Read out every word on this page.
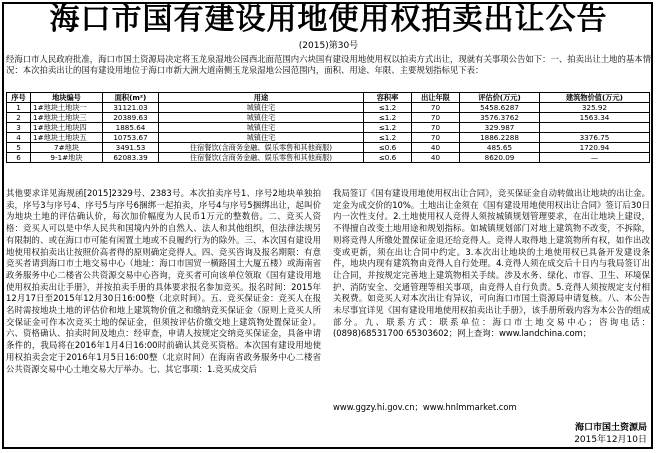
海口市国有建设用地使用权拍卖出让公告
(2015)第30号
经海口市人民政府批准，海口市国土资源局决定将玉龙泉湿地公园西北面范围内六块国有建设用地使用权以拍卖方式出让，现就有关事项公告如下：一、拍卖出让土地的基本情况：本次拍卖出让的国有建设用地位于海口市新大洲大道南侧玉龙泉湿地公园范围内，面积、用途、年限、主要规划指标见下表：
序号	地块编号	面积(m²)	用途	容积率	出让年限	评估价(万元)	建筑物价值(万元)
1	1#地块土地块一	31121.03	城镇住宅	≤1.2	70	5458.6287	325.92
2	1#地块土地块三	20389.63	城镇住宅	≤1.2	70	3576.3762	1563.34
3	1#地块土地块四	1885.64	城镇住宅	≤1.2	70	329.987	
4	1#地块土地块五	10753.67	城镇住宅	≤1.2	70	1886.2288	3376.75
5	7#地块	3491.53	住宿餐饮(含商务金融、娱乐零售和其他商服)	≤0.6	40	485.65	1720.94
6	9-1#地块	62083.39	住宿餐饮(含商务金融、娱乐零售和其他商服)	≤0.6	40	8620.09	—
其他要求详见海规函[2015]2329号、2383号。本次拍卖序号1、序号2地块单独拍卖，序号3与序号4、序号5与序号6捆绑一起拍卖，序号4与序号5捆绑出让，起叫价为地块土地的评估确认价，每次加价幅度为人民币1万元的整数倍。二、竞买人资格：竞买人可以是中华人民共和国境内外的自然人、法人和其他组织，但法律法规另有限制的、或在海口市可能有闲置土地或不良履约行为的除外。三、本次国有建设用地使用权拍卖出让按照价高者得的原则确定竞得人。四、竞买咨询及报名期限：有意竞买者请到海口市土地交易中心（地址：海口市国贸一横路国土大厦五楼）或海南省政务服务中心二楼省公共资源交易中心咨询，竞买者可向该单位领取《国有建设用地使用权拍卖出让手册》，并按拍卖手册的具体要求报名参加竞买。报名时间：2015年12月17日至2015年12月30日16:00整（北京时间）。五、竞买保证金：竞买人在报名时需按地块土地的评估价和地上建筑物价值之和缴纳竞买保证金（原则上竞买人所交保证金可作本次竞买土地的保证金，但须按评估价缴交地上建筑物处置保证金）。六、资格确认、拍卖时间及地点：经审查，申请人按规定交纳竞买保证金，具备申请条件的，我局将在2016年1月4日16:00时前确认其竞买资格。本次国有建设用地使用权拍卖会定于2016年1月5日16:00整（北京时间）在海南省政务服务中心二楼省公共资源交易中心土地交易大厅举办。七、其它事项：1.竞买成交后
我局签订《国有建设用地使用权出让合同》，竞买保证金自动转做出让地块的出让金。定金为成交价的10%。土地出让金须在《国有建设用地使用权出让合同》签订后30日内一次性支付。2.土地使用权人竞得人须按城镇规划管理要求，在出让地块上建设，不得擅自改变土地用途和规划指标。如城镇规划部门对地上建筑物不改变，不拆除，则将竞得人所缴处置保证金退还给竞得人。竞得人取得地上建筑物所有权，如作出改变或更新，须在出让合同中约定。3.本次出让地块的土地使用权已具备开发建设条件，地块内现有建筑物由竞得人自行处理。4.竞得人须在成交后十日内与我局签订出让合同，并按规定完善地上建筑物相关手续。涉及水务、绿化、市容、卫生、环境保护、消防安全、交通管理等相关事项，由竞得人自行负责。5.竞得人须按规定支付相关税费。如竞买人对本次出让有异议，可向海口市国土资源局申请复核。八、本公告未尽事宜详见《国有建设用地使用权拍卖出让手册》，该手册所载内容为本公告的组成部分。九、联系方式：联系单位：海口市土地交易中心；咨询电话：(0898)68531700 65303602；网上查询：www.landchina.com；
www.ggzy.hi.gov.cn；www.hnlmmarket.com
海口市国土资源局
2015年12月10日
